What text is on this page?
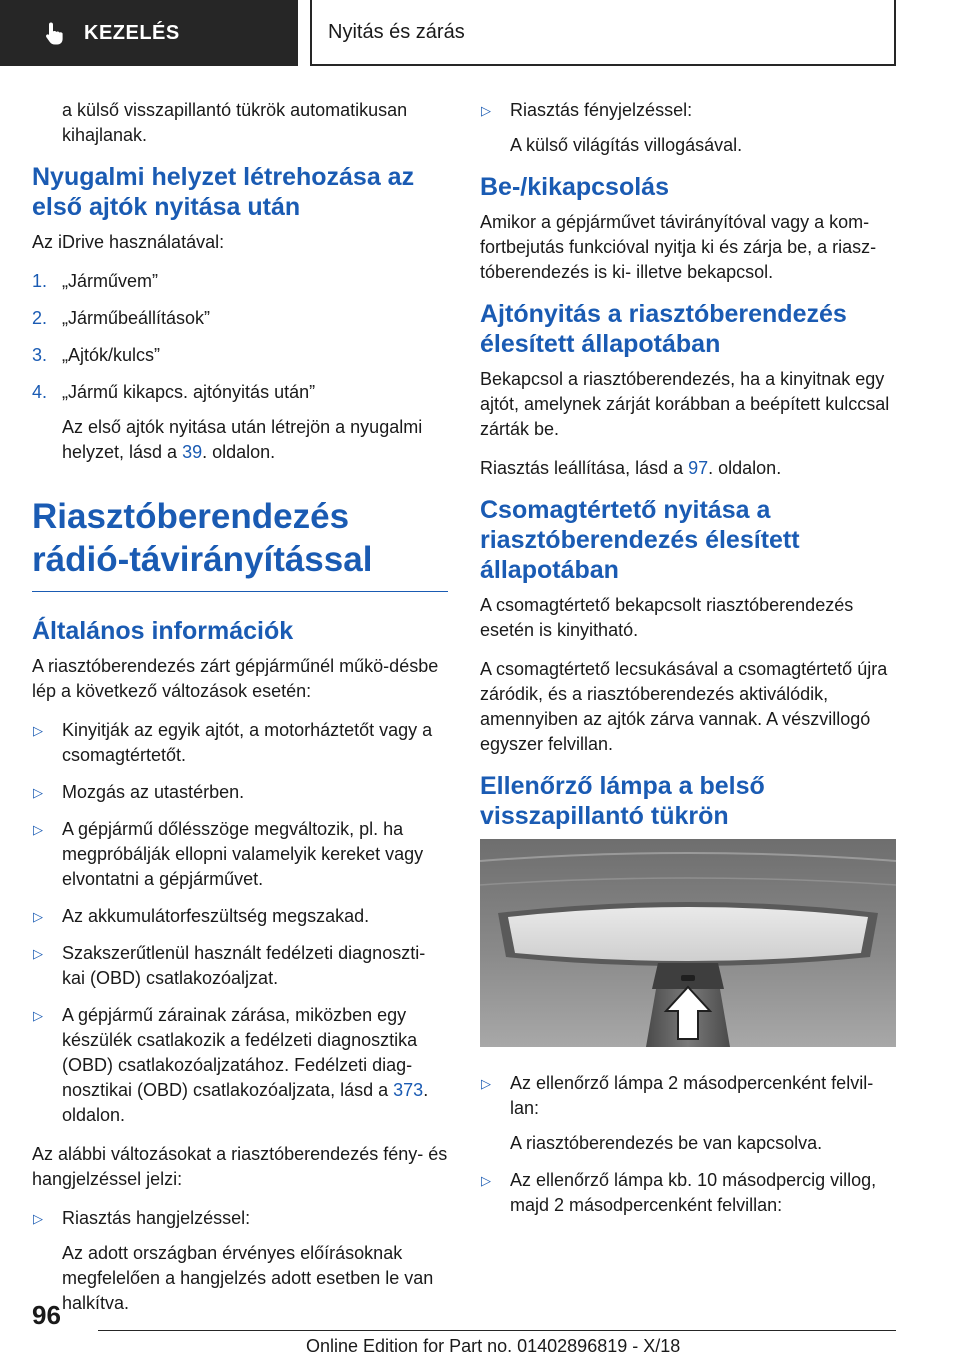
KEZELÉS	Nyitás és zárás

a külső visszapillantó tükrök automatikusan kihajlanak.

Nyugalmi helyzet létrehozása az első ajtók nyitása után

Az iDrive használatával:

1. „Járművem”
2. „Járműbeállítások”
3. „Ajtók/kulcs”
4. „Jármű kikapcs. ajtónyitás után”
Az első ajtók nyitása után létrejön a nyugalmi helyzet, lásd a 39. oldalon.
Riasztóberendezés rádió-távirányítással
Általános információk

A riasztóberendezés zárt gépjárműnél műkö-désbe lép a következő változások esetén:

▷ Kinyitják az egyik ajtót, a motorháztetőt vagy a csomagtértetőt.
▷ Mozgás az utastérben.
▷ A gépjármű dőlésszöge megváltozik, pl. ha megpróbálják ellopni valamelyik kereket vagy elvontatni a gépjárművet.
▷ Az akkumulátorfeszültség megszakad.
▷ Szakszerűtlenül használt fedélzeti diagnoszti-kai (OBD) csatlakozóaljzat.
▷ A gépjármű zárainak zárása, miközben egy készülék csatlakozik a fedélzeti diagnosztika (OBD) csatlakozóaljzatához. Fedélzeti diag-nosztikai (OBD) csatlakozóaljzata, lásd a 373. oldalon.

Az alábbi változásokat a riasztóberendezés fény- és hangjelzéssel jelzi:

▷ Riasztás hangjelzéssel:
Az adott országban érvényes előírásoknak megfelelően a hangjelzés adott esetben le van halkítva.
▷ Riasztás fényjelzéssel:
A külső világítás villogásával.
Be-/kikapcsolás

Amikor a gépjárművet távirányítóval vagy a kom-fortbejutás funkcióval nyitja ki és zárja be, a riasz-tóberendezés is ki- illetve bekapcsol.

Ajtónyitás a riasztóberendezés élesített állapotában

Bekapcsol a riasztóberendezés, ha a kinyitnak egy ajtót, amelynek zárját korábban a beépített kulccsal zárták be.

Riasztás leállítása, lásd a 97. oldalon.

Csomagtértető nyitása a riasztóberendezés élesített állapotában

A csomagtértető bekapcsolt riasztóberendezés esetén is kinyitható.

A csomagtértető lecsukásával a csomagtértető újra záródik, és a riasztóberendezés aktiválódik, amennyiben az ajtók zárva vannak. A vészvillogó egyszer felvillan.

Ellenőrző lámpa a belső visszapillantó tükrön
▷ Az ellenőrző lámpa 2 másodpercenként felvil-lan:
A riasztóberendezés be van kapcsolva.
▷ Az ellenőrző lámpa kb. 10 másodpercig villog, majd 2 másodpercenként felvillan:
96
Online Edition for Part no. 01402896819 - X/18
